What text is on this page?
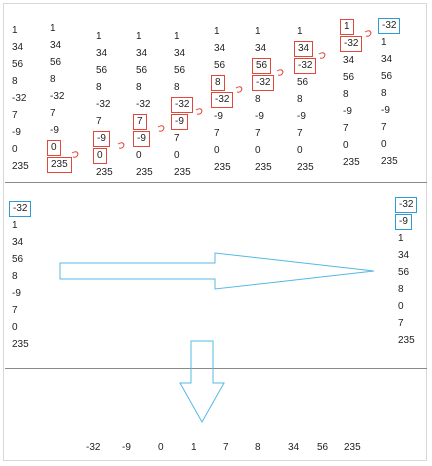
1
34
56
8
-32
7
-9
0
235
1
34
56
8
-32
7
-9
0
235
1
34
56
8
-32
7
-9
0
235
1
34
56
8
-32
7
-9
0
235
1
34
56
8
-32
-9
7
0
235
1
34
56
8
-32
-9
7
0
235
1
34
56
-32
8
-9
7
0
235
1
34
-32
56
8
-9
7
0
235
1
-32
34
56
8
-9
7
0
235
-32
1
34
56
8
-9
7
0
235
-32
1
34
56
8
-9
7
0
235
-32
-9
1
34
56
8
0
7
235
-32 -9	0	1	7	8	34 56 235
